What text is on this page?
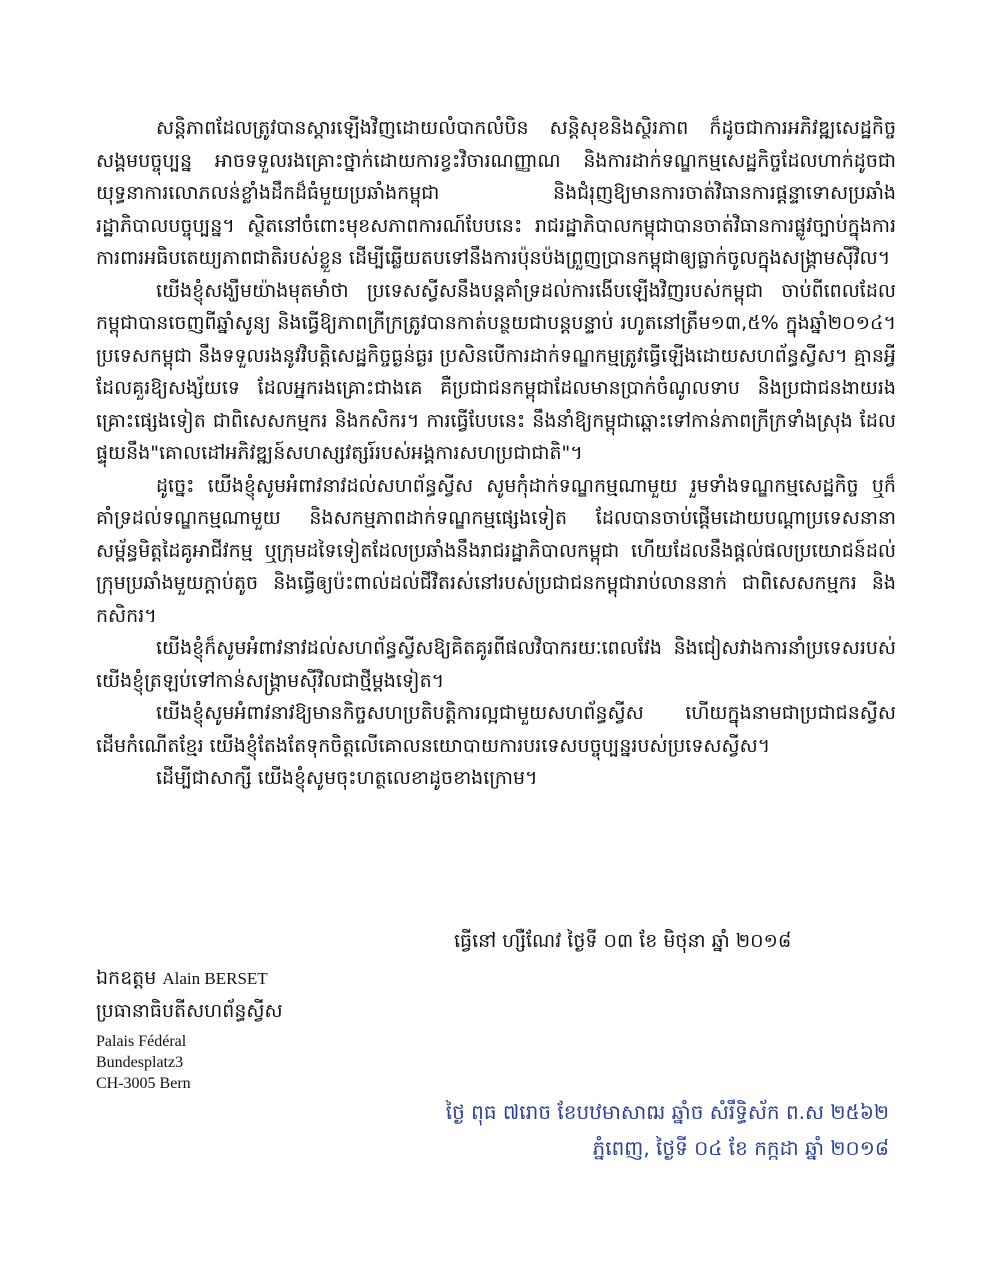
សន្តិភាពដែលត្រូវបានស្តារឡើងវិញដោយលំបាកលំបិន សន្តិសុខនិងស្ថិរភាព ក៏ដូចជាការអភិវឌ្ឍសេដ្ឋកិច្ចសង្គមបច្ចុប្បន្ន អាចទទួលរងគ្រោះថ្នាក់ដោយការខ្វះវិចារណញ្ញាណ និងការដាក់ទណ្ឌកម្មសេដ្ឋកិច្ចដែលហាក់ដូចជាយុទ្ធនាការលោភលន់ខ្លាំងដឹកដ៏ធំមួយប្រឆាំងកម្ពុជា និងជំរុញឱ្យមានការចាត់វិធានការផ្តន្ទាទោសប្រឆាំងរដ្ឋាភិបាលបច្ចុប្បន្ន។ ស្ថិតនៅចំពោះមុខសភាពការណ៍បែបនេះ រាជរដ្ឋាភិបាលកម្ពុជាបានចាត់វិធានការផ្លូវច្បាប់ក្នុងការការពារអធិបតេយ្យភាពជាតិរបស់ខ្លួន ដើម្បីឆ្លើយតបទៅនឹងការប៉ុនប៉ងព្រួញប្រានកម្ពុជាឲ្យធ្លាក់ចូលក្នុងសង្គ្រាមស៊ីវិល។

យើងខ្ញុំសង្ឃឹមយ៉ាងមុតមាំថា ប្រទេសស្វីសនឹងបន្តគាំទ្រដល់ការងើបឡើងវិញរបស់កម្ពុជា ចាប់ពីពេលដែលកម្ពុជាបានចេញពីឆ្នាំសូន្យ និងធ្វើឱ្យភាពក្រីក្រត្រូវបានកាត់បន្ថយជាបន្តបន្ទាប់ រហូតនៅត្រឹម១៣,៥% ក្នុងឆ្នាំ២០១៤។ ប្រទេសកម្ពុជា នឹងទទួលរងនូវវិបត្តិសេដ្ឋកិច្ចធ្ងន់ធ្ងរ ប្រសិនបើការដាក់ទណ្ឌកម្មត្រូវធ្វើឡើងដោយសហព័ន្ធស្វីស។ គ្មានអ្វីដែលគួរឱ្យសង្ស័យទេ ដែលអ្នករងគ្រោះជាងគេ គឺប្រជាជនកម្ពុជាដែលមានប្រាក់ចំណូលទាប និងប្រជាជនងាយរងគ្រោះផ្សេងទៀត ជាពិសេសកម្មករ និងកសិករ។ ការធ្វើបែបនេះ នឹងនាំឱ្យកម្ពុជាឆ្ពោះទៅកាន់ភាពក្រីក្រទាំងស្រុង ដែលផ្ទុយនឹង"គោលដៅអភិវឌ្ឍន៍សហស្សវត្សរ៍របស់អង្គការសហប្រជាជាតិ"។

ដូច្នេះ យើងខ្ញុំសូមអំពាវនាវដល់សហព័ន្ធស្វីស សូមកុំដាក់ទណ្ឌកម្មណាមួយ រួមទាំងទណ្ឌកម្មសេដ្ឋកិច្ច ឬក៏គាំទ្រដល់ទណ្ឌកម្មណាមួយ និងសកម្មភាពដាក់ទណ្ឌកម្មផ្សេងទៀត ដែលបានចាប់ផ្តើមដោយបណ្តាប្រទេសនានា សម្ព័ន្ធមិត្តដៃគូអាជីវកម្ម ឬក្រុមដទៃទៀតដែលប្រឆាំងនឹងរាជរដ្ឋាភិបាលកម្ពុជា ហើយដែលនឹងផ្តល់ផលប្រយោជន៍ដល់ក្រុមប្រឆាំងមួយក្តាប់តូច និងធ្វើឲ្យប៉ះពាល់ដល់ជីវិតរស់នៅរបស់ប្រជាជនកម្ពុជារាប់លាននាក់ ជាពិសេសកម្មករ និងកសិករ។

យើងខ្ញុំក៏សូមអំពាវនាវដល់សហព័ន្ធស្វីសឱ្យគិតគូរពីផលវិបាករយៈពេលវែង និងជៀសវាងការនាំប្រទេសរបស់យើងខ្ញុំត្រឡប់ទៅកាន់សង្គ្រាមស៊ីវិលជាថ្មីម្តងទៀត។

យើងខ្ញុំសូមអំពាវនាវឱ្យមានកិច្ចសហប្រតិបត្តិការល្អជាមួយសហព័ន្ធស្វីស ហើយក្នុងនាមជាប្រជាជនស្វីស ដើមកំណើតខ្មែរ យើងខ្ញុំតែងតែទុកចិត្តលើគោលនយោបាយការបរទេសបច្ចុប្បន្នរបស់ប្រទេសស្វីស។

ដើម្បីជាសាក្សី យើងខ្ញុំសូមចុះហត្ថលេខាដូចខាងក្រោម។

ធ្វើនៅ ហ្សឺណែវ ថ្ងៃទី ០៣ ខែ មិថុនា ឆ្នាំ ២០១៨
ឯកឧត្តម Alain BERSET
ប្រធានាធិបតីសហព័ន្ធស្វីស
Palais Fédéral
Bundesplatz3
CH-3005 Bern
ថ្ងៃ ពុធ ៧រោច ខែបឋមាសាឍ ឆ្នាំច សំរឹទ្ធិស័ក ព.ស ២៥៦២
ភ្នំពេញ, ថ្ងៃទី ០៤ ខែ កក្កដា ឆ្នាំ ២០១៨
